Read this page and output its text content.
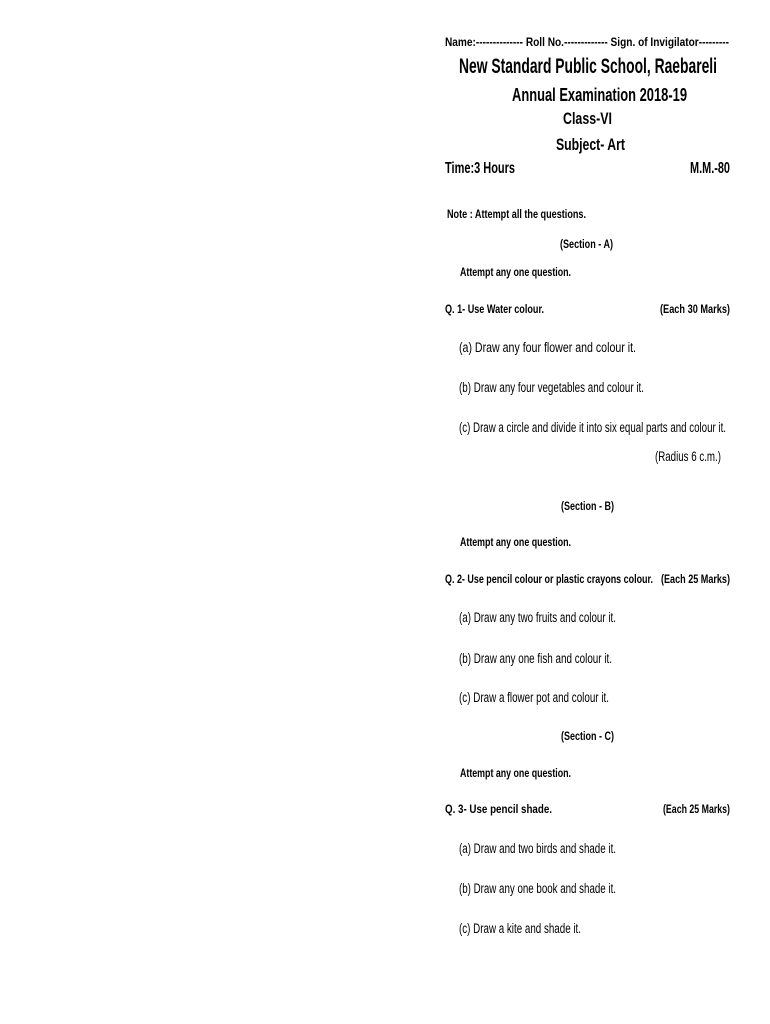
Name:-------------- Roll No.------------- Sign. of Invigilator---------
New Standard Public School, Raebareli
Annual Examination 2018-19
Class-VI
Subject- Art
Time:3 Hours	M.M.-80
Note : Attempt all the questions.
(Section - A)
Attempt any one question.
Q. 1- Use Water colour.	(Each 30 Marks)
(a) Draw any four flower and colour it.
(b) Draw any four vegetables and colour it.
(c) Draw a circle and divide it into six equal parts and colour it.
(Radius 6 c.m.)
(Section - B)
Attempt any one question.
Q. 2- Use pencil colour or plastic crayons colour. (Each 25 Marks)
(a) Draw any two fruits and colour it.
(b) Draw any one fish and colour it.
(c) Draw a flower pot and colour it.
(Section - C)
Attempt any one question.
Q. 3- Use pencil shade.	(Each 25 Marks)
(a) Draw and two birds and shade it.
(b) Draw any one book and shade it.
(c) Draw a kite and shade it.
